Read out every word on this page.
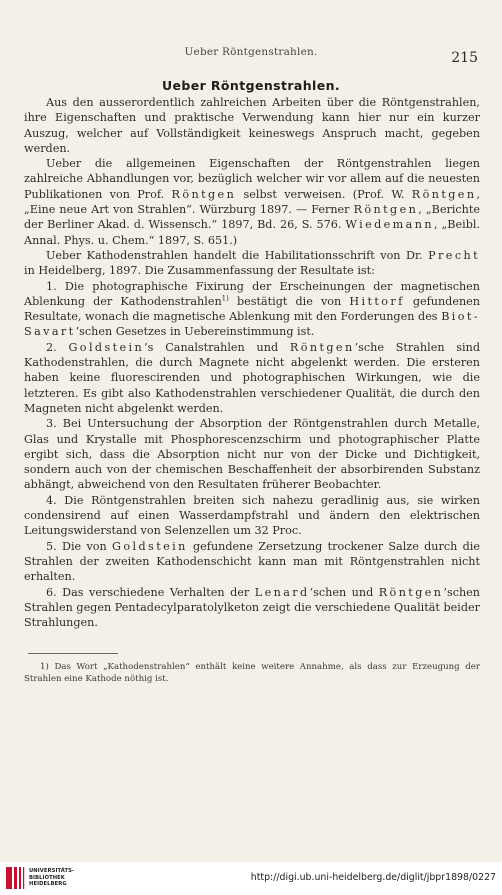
Ueber Röntgenstrahlen.	215
Ueber Röntgenstrahlen.

Aus den ausserordentlich zahlreichen Arbeiten über die Röntgenstrahlen, ihre Eigenschaften und praktische Verwendung kann hier nur ein kurzer Auszug, welcher auf Vollständigkeit keineswegs Anspruch macht, gegeben werden.

Ueber die allgemeinen Eigenschaften der Röntgenstrahlen liegen zahlreiche Abhandlungen vor, bezüglich welcher wir vor allem auf die neuesten Publikationen von Prof. Röntgen selbst verweisen. (Prof. W. Röntgen, „Eine neue Art von Strahlen“. Würzburg 1897. — Ferner Röntgen, „Berichte der Berliner Akad. d. Wissensch.“ 1897, Bd. 26, S. 576. Wiedemann, „Beibl. Annal. Phys. u. Chem.“ 1897, S. 651.)

Ueber Kathodenstrahlen handelt die Habilitationsschrift von Dr. Precht in Heidelberg, 1897. Die Zusammenfassung der Resultate ist:

1. Die photographische Fixirung der Erscheinungen der magnetischen Ablenkung der Kathodenstrahlen$^{1)}$ bestätigt die von Hittorf gefundenen Resultate, wonach die magnetische Ablenkung mit den Forderungen des Biot-Savart’schen Gesetzes in Uebereinstimmung ist.

2. Goldstein’s Canalstrahlen und Röntgen’sche Strahlen sind Kathodenstrahlen, die durch Magnete nicht abgelenkt werden. Die ersteren haben keine fluorescirenden und photographischen Wirkungen, wie die letzteren. Es gibt also Kathodenstrahlen verschiedener Qualität, die durch den Magneten nicht abgelenkt werden.

3. Bei Untersuchung der Absorption der Röntgenstrahlen durch Metalle, Glas und Krystalle mit Phosphorescenzschirm und photographischer Platte ergibt sich, dass die Absorption nicht nur von der Dicke und Dichtigkeit, sondern auch von der chemischen Beschaffenheit der absorbirenden Substanz abhängt, abweichend von den Resultaten früherer Beobachter.

4. Die Röntgenstrahlen breiten sich nahezu geradlinig aus, sie wirken condensirend auf einen Wasserdampfstrahl und ändern den elektrischen Leitungswiderstand von Selenzellen um 32 Proc.

5. Die von Goldstein gefundene Zersetzung trockener Salze durch die Strahlen der zweiten Kathodenschicht kann man mit Röntgenstrahlen nicht erhalten.

6. Das verschiedene Verhalten der Lenard’schen und Röntgen’schen Strahlen gegen Pentadecylparatolylketon zeigt die verschiedene Qualität beider Strahlungen.

1) Das Wort „Kathodenstrahlen“ enthält keine weitere Annahme, als dass zur Erzeugung der Strahlen eine Kathode nöthig ist.
UNIVERSITÄTS-
BIBLIOTHEK
HEIDELBERG
http://digi.ub.uni-heidelberg.de/diglit/jbpr1898/0227
